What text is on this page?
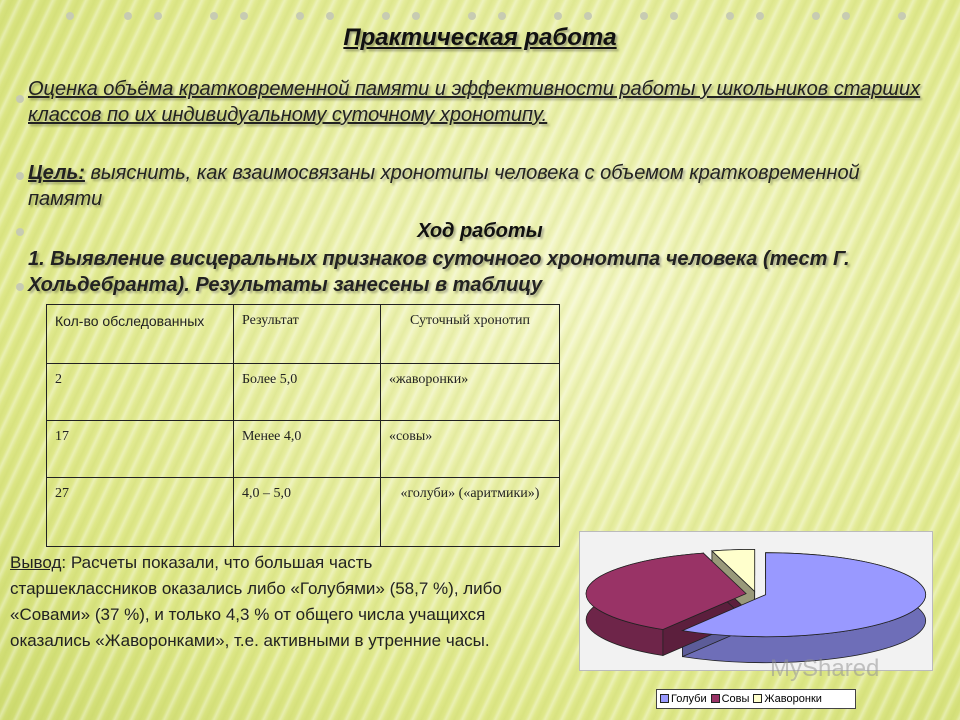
Практическая работа
Оценка объёма кратковременной памяти и эффективности работы у школьников старших классов по их индивидуальному суточному хронотипу.
Цель: выяснить, как взаимосвязаны хронотипы человека с объемом кратковременной памяти
Ход работы
1. Выявление висцеральных признаков суточного хронотипа человека (тест Г. Хольдебранта). Результаты занесены в таблицу
Кол-во обследованных	Результат	Суточный хронотип
2	Более 5,0	«жаворонки»
17	Менее 4,0	«совы»
27	4,0 – 5,0	«голуби» («аритмики»)
Вывод: Расчеты показали, что большая часть старшеклассников оказались либо «Голубями» (58,7 %), либо «Совами» (37 %), и только 4,3 % от общего числа учащихся оказались «Жаворонками», т.е. активными в утренние часы.
Голуби	Совы	Жаворонки
MyShared
